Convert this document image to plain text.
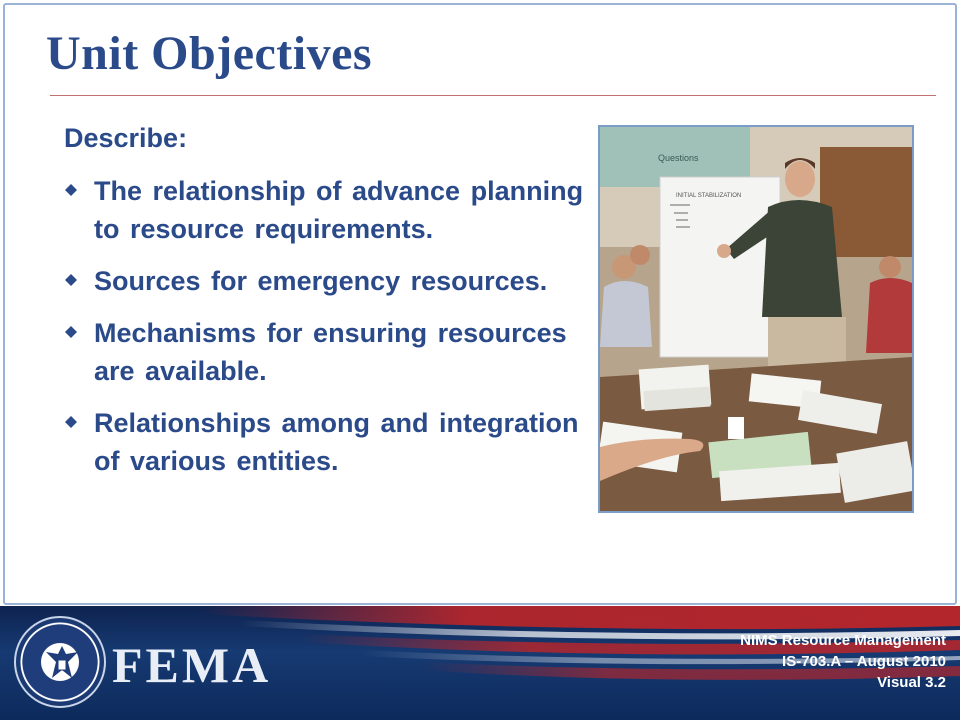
Unit Objectives
Describe:
The relationship of advance planning to resource requirements.
Sources for emergency resources.
Mechanisms for ensuring resources are available.
Relationships among and integration of various entities.
Questions
INITIAL STABILIZATION
FEMA	NIMS Resource Management
IS-703.A – August 2010
Visual 3.2
